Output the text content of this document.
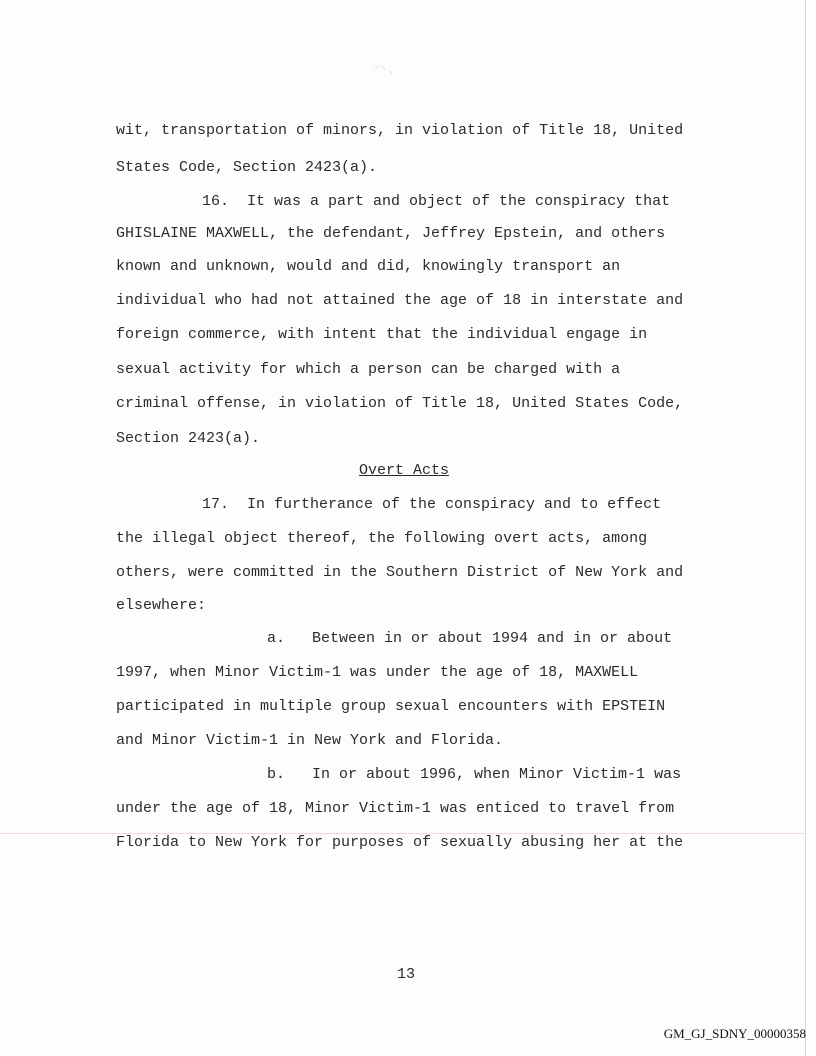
ハ、
wit, transportation of minors, in violation of Title 18, United
States Code, Section 2423(a).
16.  It was a part and object of the conspiracy that
GHISLAINE MAXWELL, the defendant, Jeffrey Epstein, and others
known and unknown, would and did, knowingly transport an
individual who had not attained the age of 18 in interstate and
foreign commerce, with intent that the individual engage in
sexual activity for which a person can be charged with a
criminal offense, in violation of Title 18, United States Code,
Section 2423(a).
Overt Acts
17.  In furtherance of the conspiracy and to effect
the illegal object thereof, the following overt acts, among
others, were committed in the Southern District of New York and
elsewhere:
a.   Between in or about 1994 and in or about
1997, when Minor Victim-1 was under the age of 18, MAXWELL
participated in multiple group sexual encounters with EPSTEIN
and Minor Victim-1 in New York and Florida.
b.   In or about 1996, when Minor Victim-1 was
under the age of 18, Minor Victim-1 was enticed to travel from
Florida to New York for purposes of sexually abusing her at the
13
GM_GJ_SDNY_00000358
